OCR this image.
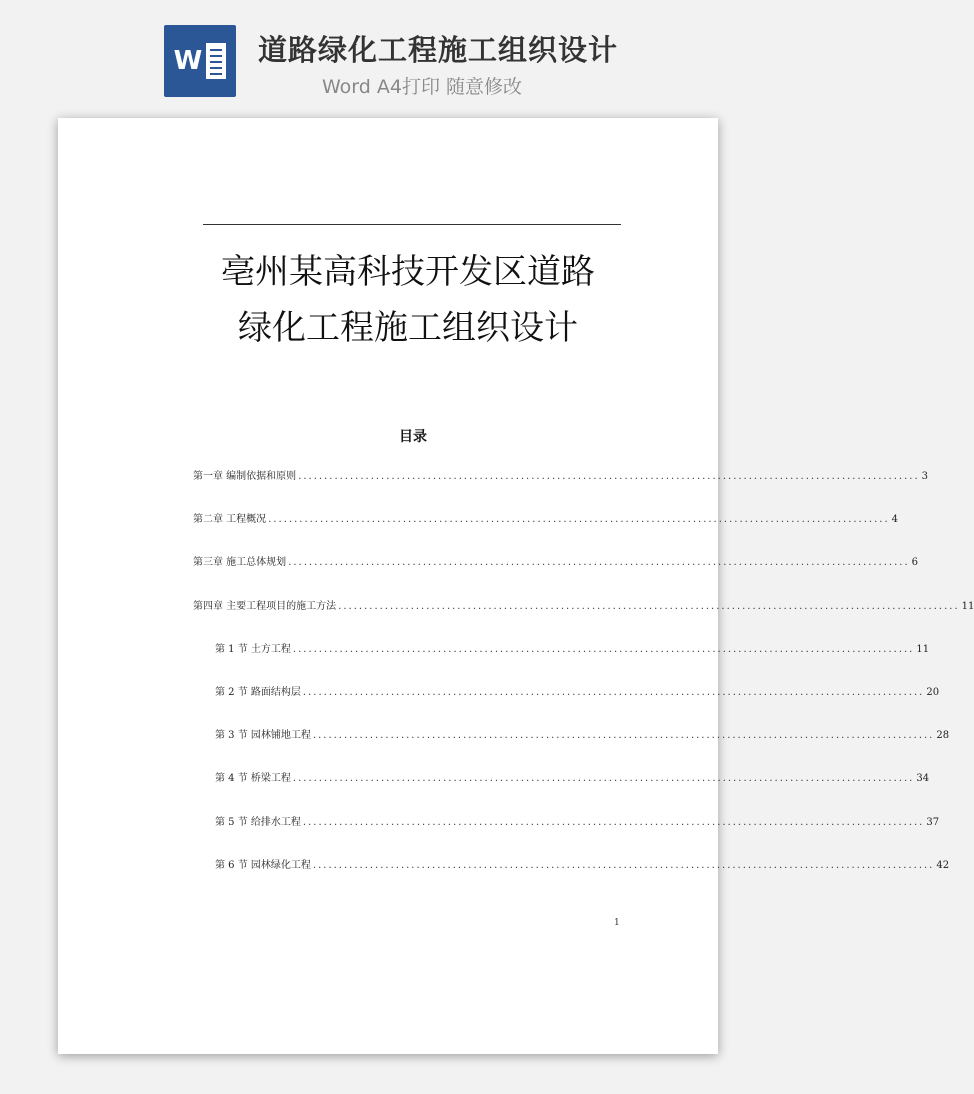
W 道路绿化工程施工组织设计
Word A4打印 随意修改
亳州某高科技开发区道路
绿化工程施工组织设计
目录
第一章 编制依据和原则 ........................................................................................................................ 3
第二章 工程概况 ........................................................................................................................ 4
第三章 施工总体规划 ........................................................................................................................ 6
第四章 主要工程项目的施工方法 ........................................................................................................................ 11
第 1 节 土方工程 ........................................................................................................................ 11
第 2 节 路面结构层 ........................................................................................................................ 20
第 3 节 园林铺地工程 ........................................................................................................................ 28
第 4 节 桥梁工程 ........................................................................................................................ 34
第 5 节 给排水工程 ........................................................................................................................ 37
第 6 节 园林绿化工程 ........................................................................................................................ 42
1
